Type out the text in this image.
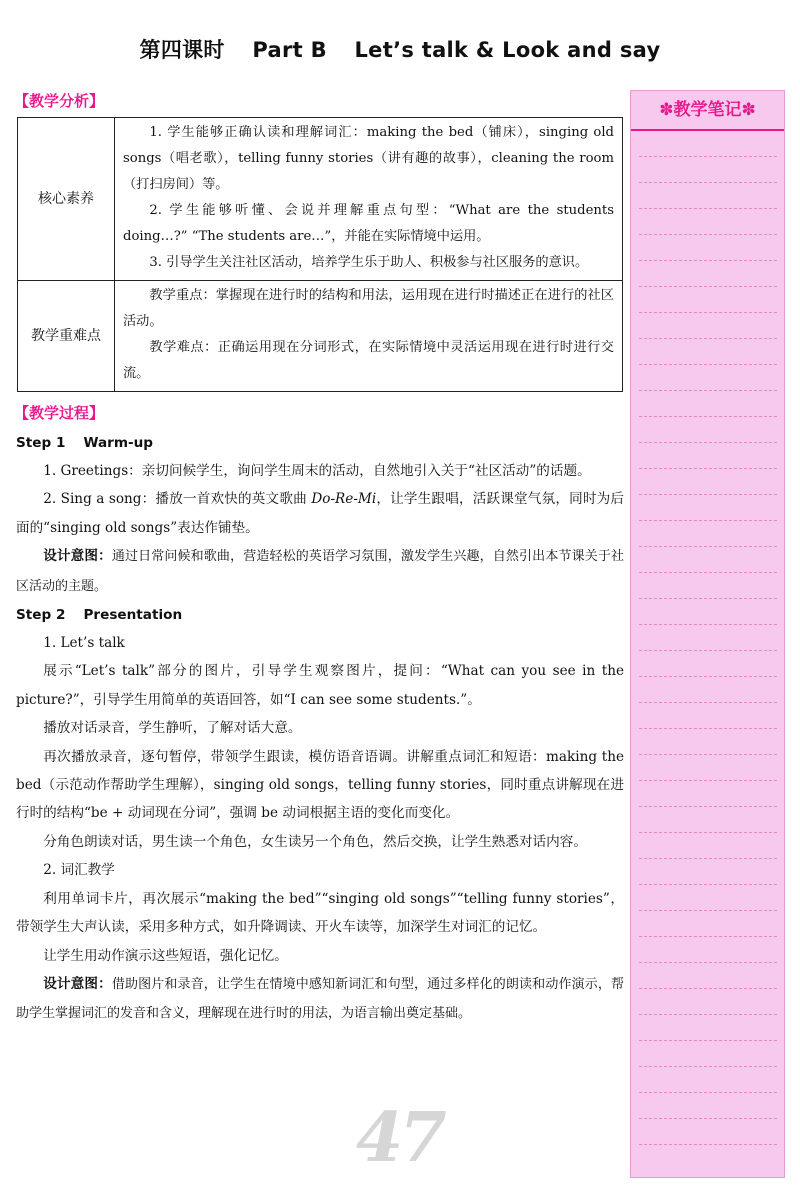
第四课时 Part B Let’s talk & Look and say
【教学分析】
核心素养	1. 学生能够正确认读和理解词汇：making the bed（铺床），singing old songs（唱老歌），telling funny stories（讲有趣的故事），cleaning the room（打扫房间）等。

2. 学生能够听懂、会说并理解重点句型：“What are the students doing…?” “The students are…”，并能在实际情境中运用。

3. 引导学生关注社区活动，培养学生乐于助人、积极参与社区服务的意识。

教学重难点	教学重点：掌握现在进行时的结构和用法，运用现在进行时描述正在进行的社区活动。

教学难点：正确运用现在分词形式，在实际情境中灵活运用现在进行时进行交流。

【教学过程】

Step 1 Warm-up

1. Greetings：亲切问候学生，询问学生周末的活动，自然地引入关于“社区活动”的话题。

2. Sing a song：播放一首欢快的英文歌曲 Do-Re-Mi，让学生跟唱，活跃课堂气氛，同时为后面的“singing old songs”表达作铺垫。

设计意图：通过日常问候和歌曲，营造轻松的英语学习氛围，激发学生兴趣，自然引出本节课关于社区活动的主题。

Step 2 Presentation

1. Let’s talk

展示“Let’s talk”部分的图片，引导学生观察图片，提问：“What can you see in the picture?”，引导学生用简单的英语回答，如“I can see some students.”。

播放对话录音，学生静听，了解对话大意。

再次播放录音，逐句暂停，带领学生跟读，模仿语音语调。讲解重点词汇和短语：making the bed（示范动作帮助学生理解），singing old songs，telling funny stories，同时重点讲解现在进行时的结构“be + 动词现在分词”，强调 be 动词根据主语的变化而变化。

分角色朗读对话，男生读一个角色，女生读另一个角色，然后交换，让学生熟悉对话内容。

2. 词汇教学

利用单词卡片，再次展示“making the bed”“singing old songs”“telling funny stories”，带领学生大声认读，采用多种方式，如升降调读、开火车读等，加深学生对词汇的记忆。

让学生用动作演示这些短语，强化记忆。

设计意图：借助图片和录音，让学生在情境中感知新词汇和句型，通过多样化的朗读和动作演示，帮助学生掌握词汇的发音和含义，理解现在进行时的用法，为语言输出奠定基础。

✽教学笔记✽
47
